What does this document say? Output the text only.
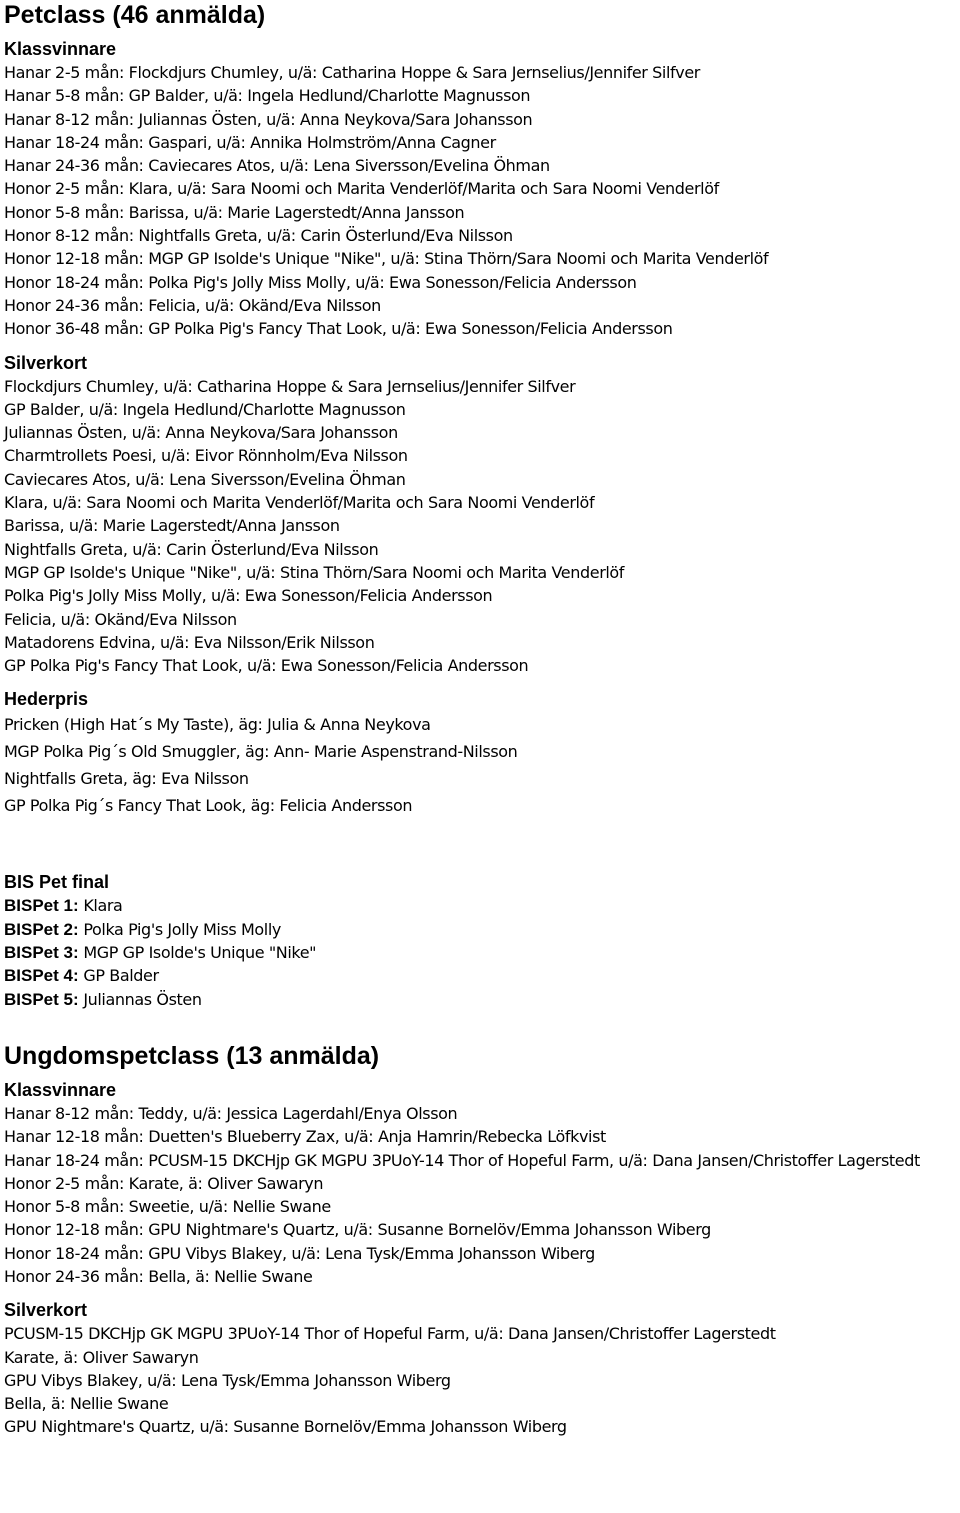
Petclass (46 anmälda)
Klassvinnare
Hanar 2-5 mån: Flockdjurs Chumley, u/ä: Catharina Hoppe & Sara Jernselius/Jennifer Silfver
Hanar 5-8 mån: GP Balder, u/ä: Ingela Hedlund/Charlotte Magnusson
Hanar 8-12 mån: Juliannas Östen, u/ä: Anna Neykova/Sara Johansson
Hanar 18-24 mån: Gaspari, u/ä: Annika Holmström/Anna Cagner
Hanar 24-36 mån: Caviecares Atos, u/ä: Lena Siversson/Evelina Öhman
Honor 2-5 mån: Klara, u/ä: Sara Noomi och Marita Venderlöf/Marita och Sara Noomi Venderlöf
Honor 5-8 mån: Barissa, u/ä: Marie Lagerstedt/Anna Jansson
Honor 8-12 mån: Nightfalls Greta, u/ä: Carin Österlund/Eva Nilsson
Honor 12-18 mån: MGP GP Isolde's Unique "Nike", u/ä: Stina Thörn/Sara Noomi och Marita Venderlöf
Honor 18-24 mån: Polka Pig's Jolly Miss Molly, u/ä: Ewa Sonesson/Felicia Andersson
Honor 24-36 mån: Felicia, u/ä: Okänd/Eva Nilsson
Honor 36-48 mån: GP Polka Pig's Fancy That Look, u/ä: Ewa Sonesson/Felicia Andersson
Silverkort
Flockdjurs Chumley, u/ä: Catharina Hoppe & Sara Jernselius/Jennifer Silfver
GP Balder, u/ä: Ingela Hedlund/Charlotte Magnusson
Juliannas Östen, u/ä: Anna Neykova/Sara Johansson
Charmtrollets Poesi, u/ä: Eivor Rönnholm/Eva Nilsson
Caviecares Atos, u/ä: Lena Siversson/Evelina Öhman
Klara, u/ä: Sara Noomi och Marita Venderlöf/Marita och Sara Noomi Venderlöf
Barissa, u/ä: Marie Lagerstedt/Anna Jansson
Nightfalls Greta, u/ä: Carin Österlund/Eva Nilsson
MGP GP Isolde's Unique "Nike", u/ä: Stina Thörn/Sara Noomi och Marita Venderlöf
Polka Pig's Jolly Miss Molly, u/ä: Ewa Sonesson/Felicia Andersson
Felicia, u/ä: Okänd/Eva Nilsson
Matadorens Edvina, u/ä: Eva Nilsson/Erik Nilsson
GP Polka Pig's Fancy That Look, u/ä: Ewa Sonesson/Felicia Andersson
Hederpris
Pricken (High Hat´s My Taste), äg: Julia & Anna Neykova
MGP Polka Pig´s Old Smuggler, äg: Ann- Marie Aspenstrand-Nilsson
Nightfalls Greta, äg: Eva Nilsson
GP Polka Pig´s Fancy That Look, äg: Felicia Andersson
BIS Pet final
BISPet 1: Klara
BISPet 2: Polka Pig's Jolly Miss Molly
BISPet 3: MGP GP Isolde's Unique "Nike"
BISPet 4: GP Balder
BISPet 5: Juliannas Östen
Ungdomspetclass (13 anmälda)
Klassvinnare
Hanar 8-12 mån: Teddy, u/ä: Jessica Lagerdahl/Enya Olsson
Hanar 12-18 mån: Duetten's Blueberry Zax, u/ä: Anja Hamrin/Rebecka Löfkvist
Hanar 18-24 mån: PCUSM-15 DKCHjp GK MGPU 3PUoY-14 Thor of Hopeful Farm, u/ä: Dana Jansen/Christoffer Lagerstedt
Honor 2-5 mån: Karate, ä: Oliver Sawaryn
Honor 5-8 mån: Sweetie, u/ä: Nellie Swane
Honor 12-18 mån: GPU Nightmare's Quartz, u/ä: Susanne Bornelöv/Emma Johansson Wiberg
Honor 18-24 mån: GPU Vibys Blakey, u/ä: Lena Tysk/Emma Johansson Wiberg
Honor 24-36 mån: Bella, ä: Nellie Swane
Silverkort
PCUSM-15 DKCHjp GK MGPU 3PUoY-14 Thor of Hopeful Farm, u/ä: Dana Jansen/Christoffer Lagerstedt
Karate, ä: Oliver Sawaryn
GPU Vibys Blakey, u/ä: Lena Tysk/Emma Johansson Wiberg
Bella, ä: Nellie Swane
GPU Nightmare's Quartz, u/ä: Susanne Bornelöv/Emma Johansson Wiberg
